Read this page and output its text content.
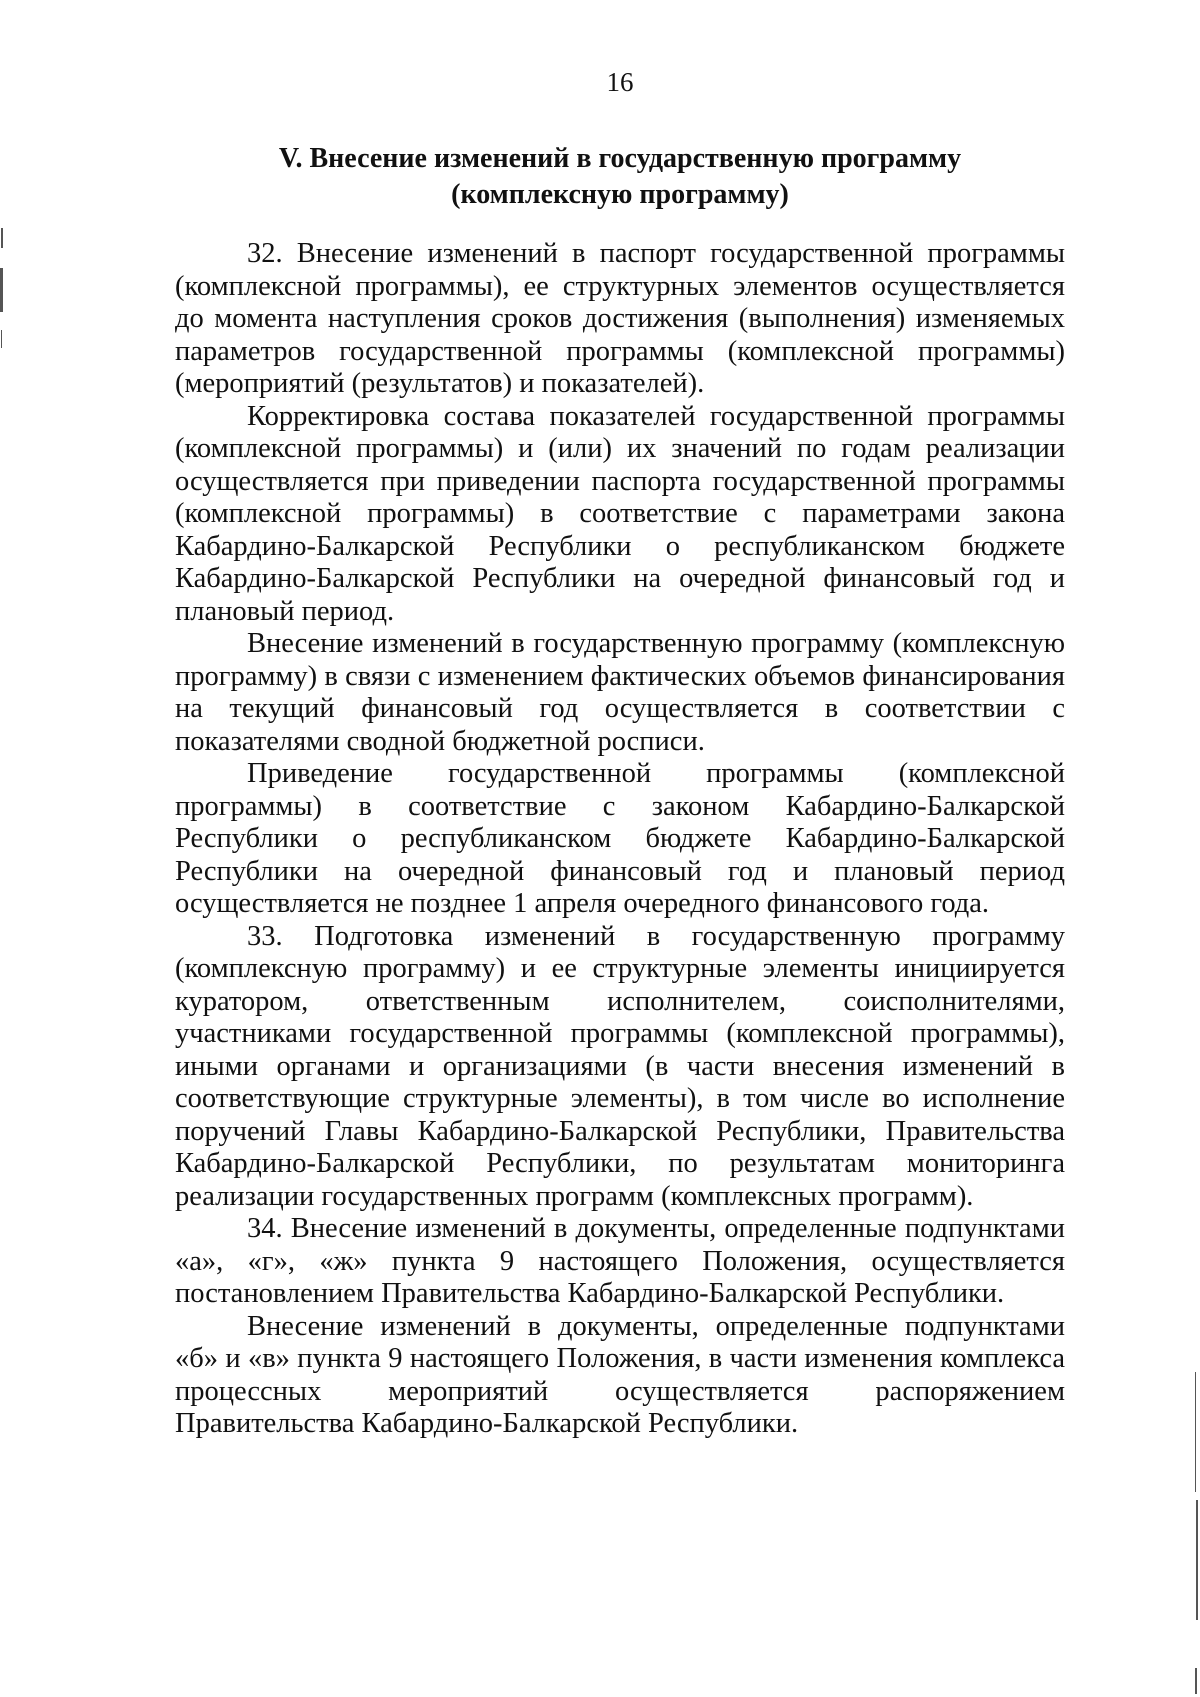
16
V. Внесение изменений в государственную программу
(комплексную программу)

32. Внесение изменений в паспорт государственной программы (комплексной программы), ее структурных элементов осуществляется до момента наступления сроков достижения (выполнения) изменяемых параметров государственной программы (комплексной программы) (мероприятий (результатов) и показателей).

Корректировка состава показателей государственной программы (комплексной программы) и (или) их значений по годам реализации осуществляется при приведении паспорта государственной программы (комплексной программы) в соответствие с параметрами закона Кабардино-Балкарской Республики о республиканском бюджете Кабардино-Балкарской Республики на очередной финансовый год и плановый период.

Внесение изменений в государственную программу (комплексную программу) в связи с изменением фактических объемов финансирования на текущий финансовый год осуществляется в соответствии с показателями сводной бюджетной росписи.

Приведение государственной программы (комплексной программы) в соответствие с законом Кабардино-Балкарской Республики о республиканском бюджете Кабардино-Балкарской Республики на очередной финансовый год и плановый период осуществляется не позднее 1 апреля очередного финансового года.

33. Подготовка изменений в государственную программу (комплексную программу) и ее структурные элементы инициируется куратором, ответственным исполнителем, соисполнителями, участниками государственной программы (комплексной программы), иными органами и организациями (в части внесения изменений в соответствующие структурные элементы), в том числе во исполнение поручений Главы Кабардино-Балкарской Республики, Правительства Кабардино-Балкарской Республики, по результатам мониторинга реализации государственных программ (комплексных программ).

34. Внесение изменений в документы, определенные подпунктами «а», «г», «ж» пункта 9 настоящего Положения, осуществляется постановлением Правительства Кабардино-Балкарской Республики.

Внесение изменений в документы, определенные подпунктами «б» и «в» пункта 9 настоящего Положения, в части изменения комплекса процессных мероприятий осуществляется распоряжением Правительства Кабардино-Балкарской Республики.
